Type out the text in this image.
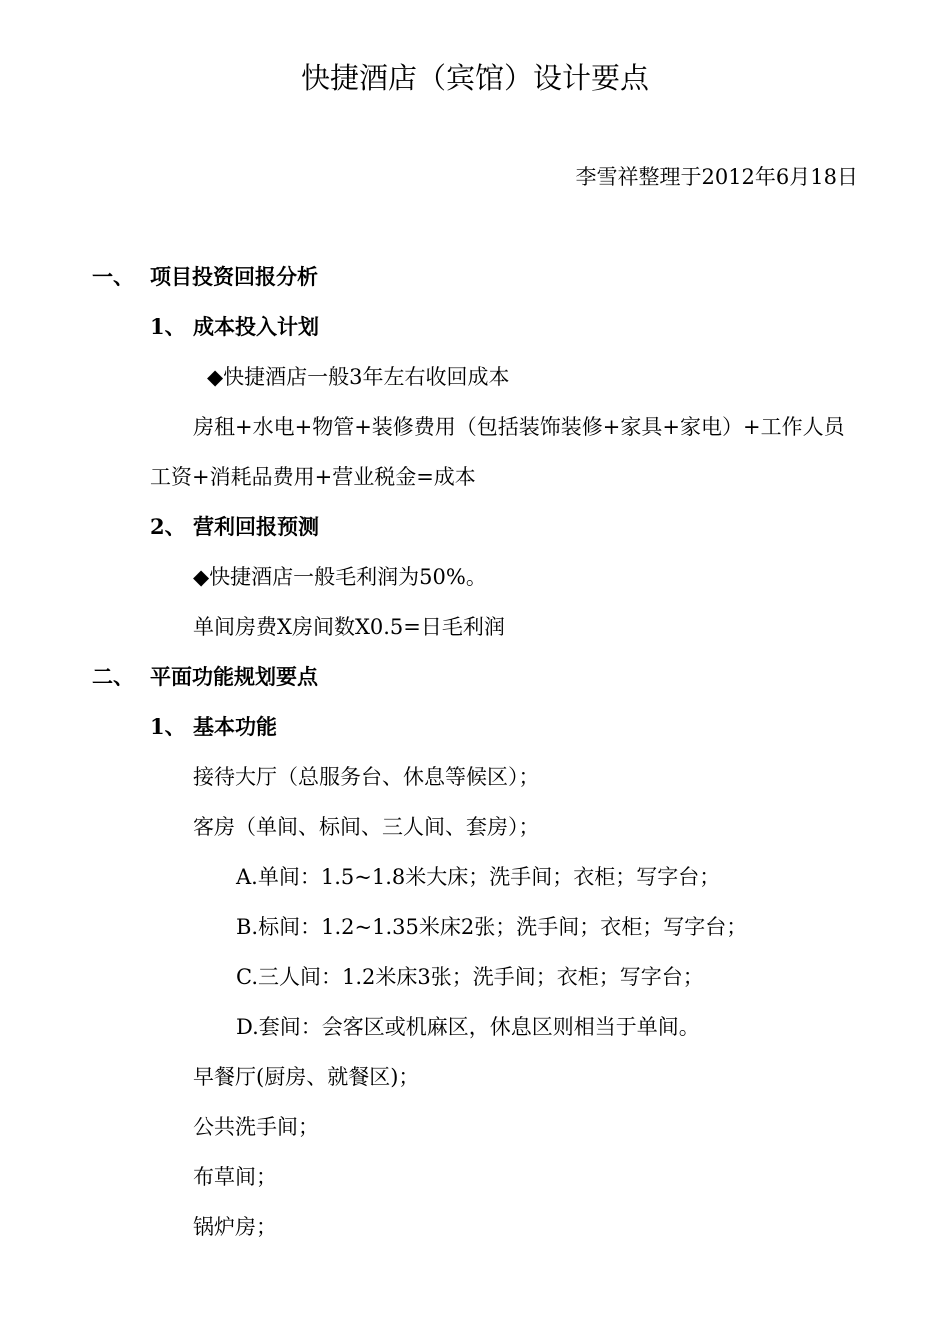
快捷酒店（宾馆）设计要点
李雪祥整理于2012年6月18日
一、 项目投资回报分析
1、 成本投入计划
◆快捷酒店一般3年左右收回成本
房租+水电+物管+装修费用（包括装饰装修+家具+家电）+工作人员
工资+消耗品费用+营业税金=成本
2、 营利回报预测
◆快捷酒店一般毛利润为50%。
单间房费X房间数X0.5=日毛利润
二、 平面功能规划要点
1、 基本功能
接待大厅（总服务台、休息等候区）；
客房（单间、标间、三人间、套房）；
A.单间：1.5~1.8米大床；洗手间；衣柜；写字台；
B.标间：1.2~1.35米床2张；洗手间；衣柜；写字台；
C.三人间：1.2米床3张；洗手间；衣柜；写字台；
D.套间：会客区或机麻区，休息区则相当于单间。
早餐厅(厨房、就餐区)；
公共洗手间；
布草间；
锅炉房；
